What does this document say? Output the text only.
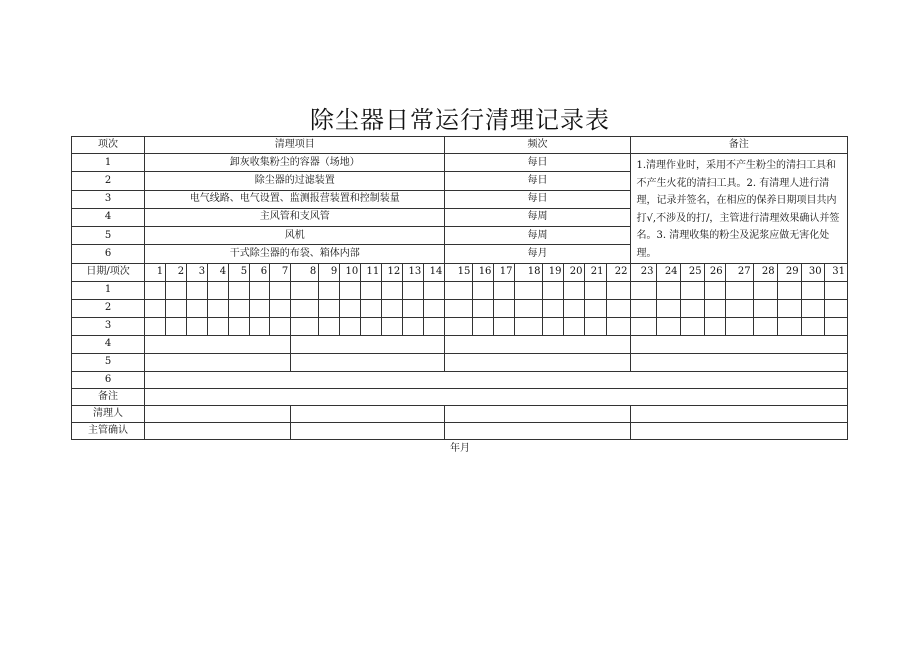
除尘器日常运行清理记录表
项次	清理项目														频次								备注								
1	卸灰收集粉尘的容器（场地）														每日								1.清理作业时，采用不产生粉尘的清扫工具和不产生火花的清扫工具。2. 有清理人进行清理，记录并签名，在相应的保养日期项目共内打√,不涉及的打/，主管进行清理效果确认并签名。3. 清理收集的粉尘及泥浆应做无害化处理。								
2	除尘器的过滤装置														每日																
3	电气线路、电气设置、监测报营装置和控制装量														每日																
4	主风管和支风管														每周																
5	风机														每周																
6	干式除尘器的布袋、箱体内部														每月																
日期/项次	1	2	3	4	5	6	7	8	9	10	11	12	13	14	15	16	17	18	19	20	21	22	23	24	25	26	27	28	29	30	31
1																															
2																															
3																															
4																															
5																															
6																															
备注																															
清理人																															
主管确认																															
年月
